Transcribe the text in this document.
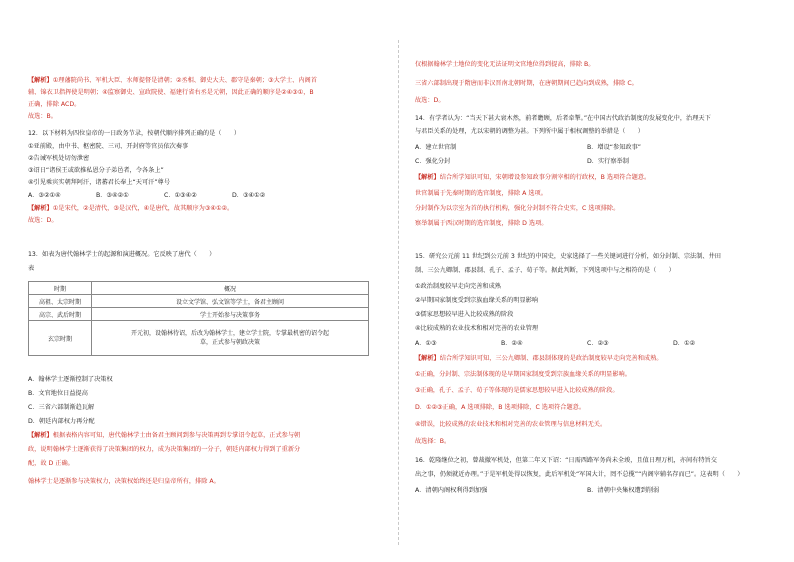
【解析】①理藩院尚书、军机大臣、水师提督是清朝；②丞相、御史大夫、郡守是秦朝；③大学士、内阁首
辅、锦衣卫指挥使是明朝；④监察御史、宣政院使、福建行省右丞是元朝，因此正确的顺序是②④③①，B
正确，排除 ACD。
故选：B。
12．以下材料为四位皇帝的一日政务节录，按朝代顺序排列正确的是（　　）
①亚前殿，由中书、枢密院、三司、开封府等官员依次奏事
②告诫军机处切勿泄密
③诏日“诸侯王或欲推私恩分子弟邑者，令各条上”
④引见乘宾实朝拜阿汗，诸蕃君长奉上“天可汗”尊号
A．③②①④	B．③④②①	C．①③④②	D．③④①②
【解析】①是宋代，②是清代，③是汉代，④是唐代，故其顺序为③④①②。
故选：D。
13．如表为唐代翰林学士的起源和演进概况。它反映了唐代（　　）
表
时期	概况
高祖、太宗时期	设立文学馆、弘文馆等学士，备君主顾问
高宗、武后时期	学士开始参与决策事务
玄宗时期	开元初，设翰林待诏，后改为翰林学士，建立学士院，专掌最机密的诏令起
草，正式参与朝政决策
A．翰林学士逐渐控制了决策权
B．文官地位日益提高
C．三省六部制渐趋瓦解
D．朝廷内部权力再分配
【解析】根据表格内容可知，唐代翰林学士由备君主顾问到参与决策再到专掌诏令起草，正式参与朝
政，说明翰林学士逐渐获得了决策集团的权力，成为决策集团的一分子，朝廷内部权力得到了重新分
配，故 D 正确。
翰林学士是逐渐参与决策权力，决策权始终还是归皇帝所有，排除 A。
仅根据翰林学士地位的变化无法证明文官地位得到提高，排除 B。
三省六部制出现于隋唐而非汉晋南北朝时期，在唐朝期间已趋向到成熟，排除 C。
故选：D。
14．有学者认为：“当天下甚大衰木然，前者瞻顾，后者牵掣。”在中国古代政治制度的发展变化中，治理天下
与君臣关系的处理，尤以宋朝的调整为甚。下列所中属于相权调整的举措是（　　）
A．建立世官制	B．增设“参知政事”
C．强化分封	D．实行察举制
【解析】结合所学知识可知，宋朝增设参知政事分割宰相的行政权，B 选项符合题意。
世官制属于先秦时期的选官制度，排除 A 选项。
分封制作为以宗室为首的执行机构，强化分封制不符合史实，C 选项排除。
察举制属于西汉时期的选官制度，排除 D 选项。
15．研究公元前 11 世纪到公元前 3 世纪的中国史，史家选择了一些关键词进行分析，如分封制、宗法制、井田
制、三公九卿制、郡县制、孔子、孟子、荀子等。据此判断，下列选项中与之相符的是（　　）
①政治制度较早走向完善和成熟
②早期国家制度受到宗族血缘关系的明显影响
③儒家思想较早进入比较成熟的阶段
④比较成熟的农业技术和相对完善的农业管理
A．①③	B．②④	C．②③	D．①②
【解析】结合所学知识可知，三公九卿制、郡县制体现的是政治制度较早走向完善和成熟。
①正确，分封制、宗法制体现的是早期国家制度受到宗族血缘关系的明显影响。
③正确，孔子、孟子、荀子等体现的是儒家思想较早进入比较成熟的阶段。
D．①②③正确，A 选项排除，B 选项排除，C 选项符合题意。
④错误，比较成熟的农业技术和相对完善的农业管理与信息材料无关。
故选择：B。
16．乾隆继位之初，曾裁撤军机处，但第二年又下诏：“日需西路军务尚未全竣，且值日理万机，亦间有特旨交
出之事，仍须就近办理。”于是军机处得以恢复，此后军机处“军国大计，罔不总揽”“内阁宰辅名存而已”。这表明（　　）
A．清朝内阁权利得到加强	B．清朝中央集权遭到削弱
